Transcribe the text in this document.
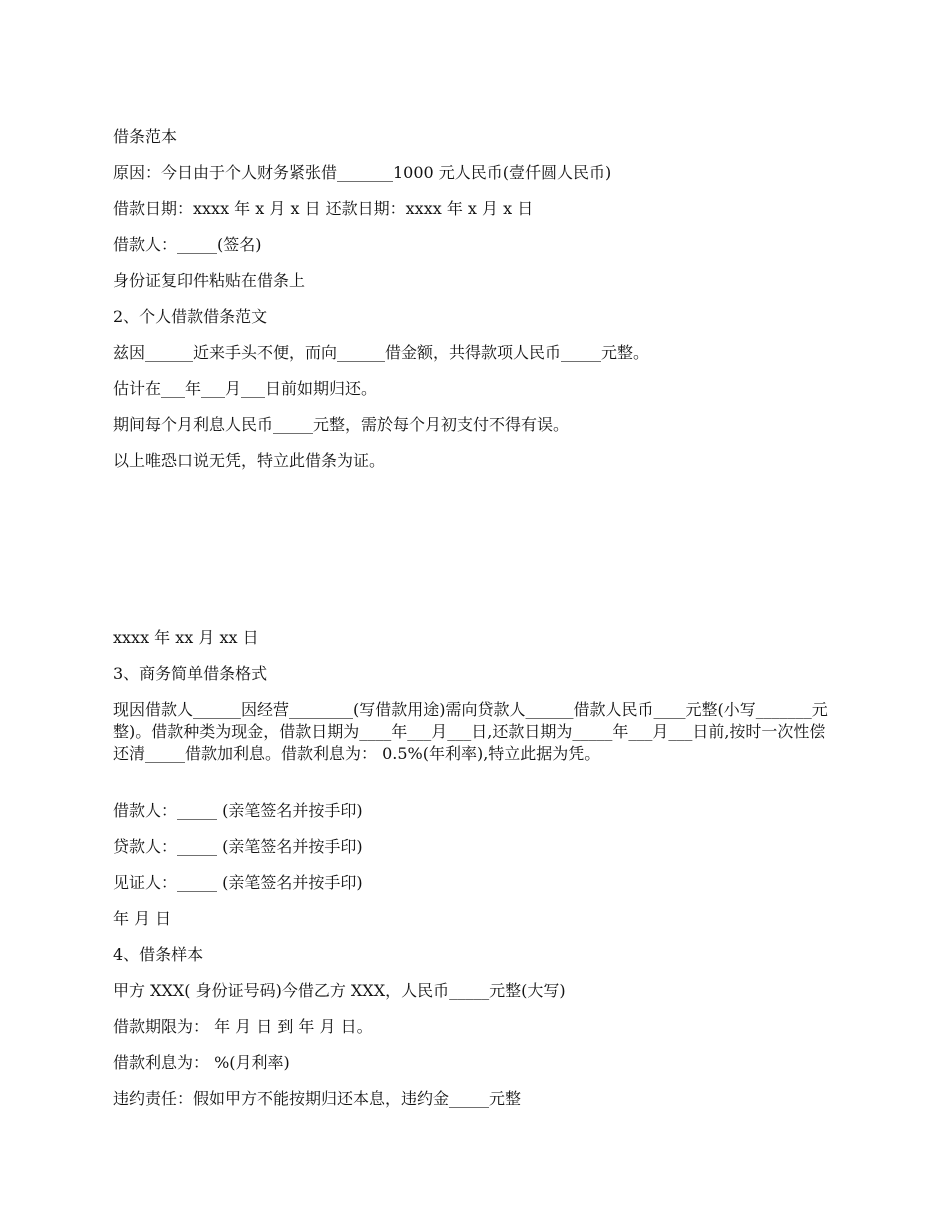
借条范本
原因：今日由于个人财务紧张借_______1000 元人民币(壹仟圆人民币)
借款日期：xxxx 年 x 月 x 日 还款日期：xxxx 年 x 月 x 日
借款人：_____(签名)
身份证复印件粘贴在借条上
2、个人借款借条范文
兹因______近来手头不便，而向______借金额，共得款项人民币_____元整。
估计在___年___月___日前如期归还。
期间每个月利息人民币_____元整，需於每个月初支付不得有误。
以上唯恐口说无凭，特立此借条为证。
xxxx 年 xx 月 xx 日
3、商务简单借条格式
现因借款人______因经营________(写借款用途)需向贷款人______借款人民币____元整(小写_______元整)。借款种类为现金，借款日期为____年___月___日,还款日期为_____年___月___日前,按时一次性偿还清_____借款加利息。借款利息为： 0.5%(年利率),特立此据为凭。
借款人：_____ (亲笔签名并按手印)
贷款人：_____ (亲笔签名并按手印)
见证人：_____ (亲笔签名并按手印)
年 月 日
4、借条样本
甲方 XXX( 身份证号码)今借乙方 XXX，人民币_____元整(大写)
借款期限为： 年 月 日 到 年 月 日。
借款利息为： %(月利率)
违约责任：假如甲方不能按期归还本息，违约金_____元整
